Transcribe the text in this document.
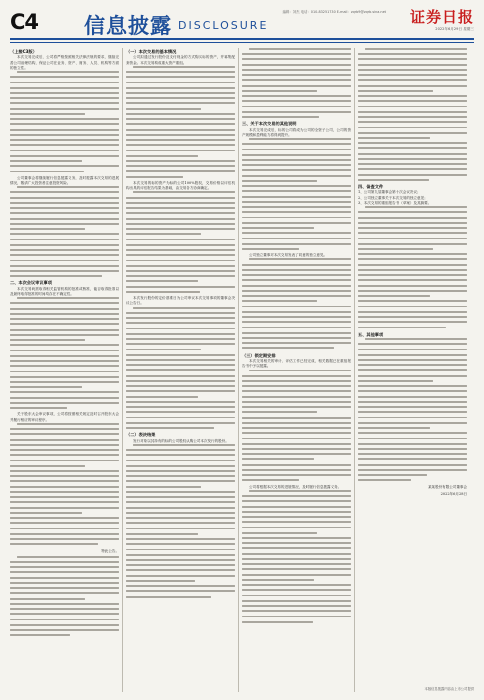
C4 信息披露 DISCLOSURE
编辑：刘杰 电话：010-83251730 E-mail：zqrb9@zqrb.sina.net 证券日报
2022年6月29日 星期三
（上接C3版）

本次交易完成后，公司将严格按照相关法律法规的要求，继续完善公司治理结构，保证公司在业务、资产、财务、人员、机构等方面的独立性。

公司董事会将继续履行信息披露义务，及时披露本次交易的进展情况，敬请广大投资者注意投资风险。

二、本次会议审议事项

本次交易尚需取得相关监管机构的批准或核准，能否取得批准以及最终取得批准的时间均存在不确定性。

关于股东大会审议事项，公司将按照相关规定及时召开股东大会并履行相应的审议程序。

特此公告。
（一）本次交易的基本情况

公司拟通过发行股份及支付现金的方式购买标的资产，并募集配套资金。本次交易构成重大资产重组。

本次交易的标的资产为标的公司100%股权，交易价格以评估机构出具的评估报告结果为基础，由交易各方协商确定。

本次发行股份的定价基准日为公司审议本次交易事项的董事会决议公告日。

（二）表决结果

发行对象以其持有的标的公司股权认购公司本次发行的股份。

三、关于本次交易的其他说明

本次交易完成后，标的公司将成为公司的全资子公司，公司的资产规模和盈利能力将得到提升。

公司独立董事对本次交易发表了同意的独立意见。

（三）锁定期安排

本次交易相关的审计、评估工作已经完成，相关数据已在重组报告书中予以披露。

公司将根据本次交易的进展情况，及时履行信息披露义务。

四、备查文件

1、公司第九届董事会第十次会议决议；

2、公司独立董事关于本次交易的独立意见；

3、本次交易的重组报告书（草案）及其摘要。

五、其他事项
某某股份有限公司董事会
2022年6月28日
本版信息披露内容由上市公司提供
